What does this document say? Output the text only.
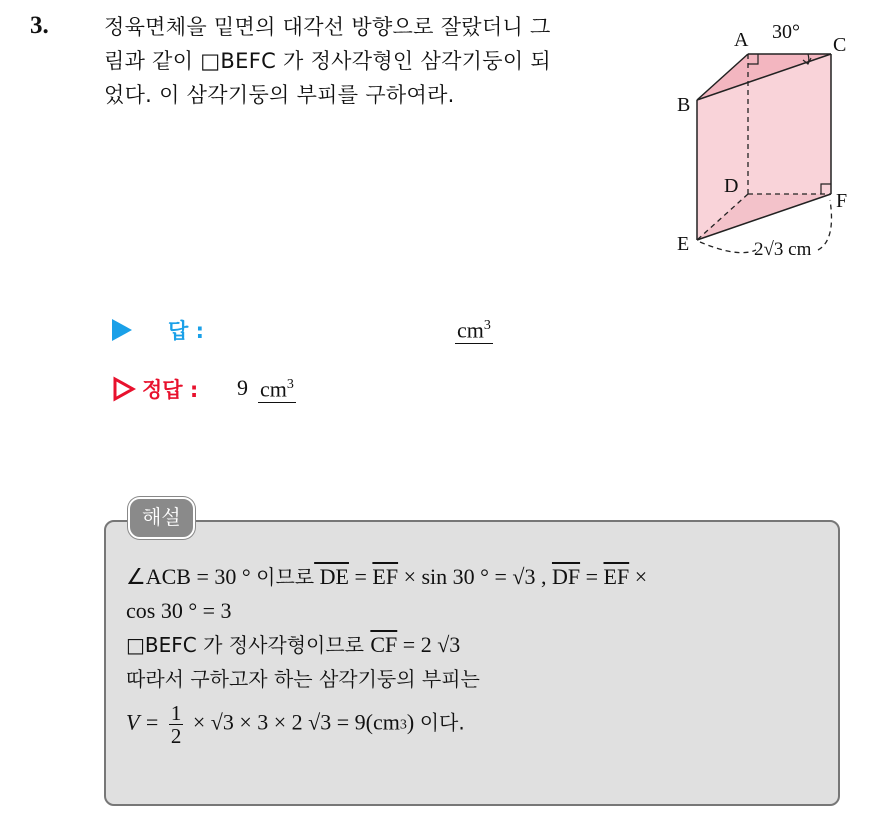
3.	정육면체을 밑면의 대각선 방향으로 잘랐더니 그
림과 같이 □BEFC 가 정사각형인 삼각기둥이 되
었다. 이 삼각기둥의 부피를 구하여라.
A	C
B
D
F
E
30°
2√3 cm
답 :	$cm^3$
정답 : 9 $cm^3$
해설
∠ACB = 30 ° 이므로 DE = $\overline{EF} \times \sin 30$ ° = √3 , $\overline{DF} = \overline{EF}$ ×
cos 30 ° = 3
□BEFC 가 정사각형이므로 $\overline{CF} = 2$ √3
따라서 구하고자 하는 삼각기둥의 부피는
$V = \frac{1}{2} \times √3 \times 3 \times 2$ $√3 = 9(cm^3)$ 이다.
